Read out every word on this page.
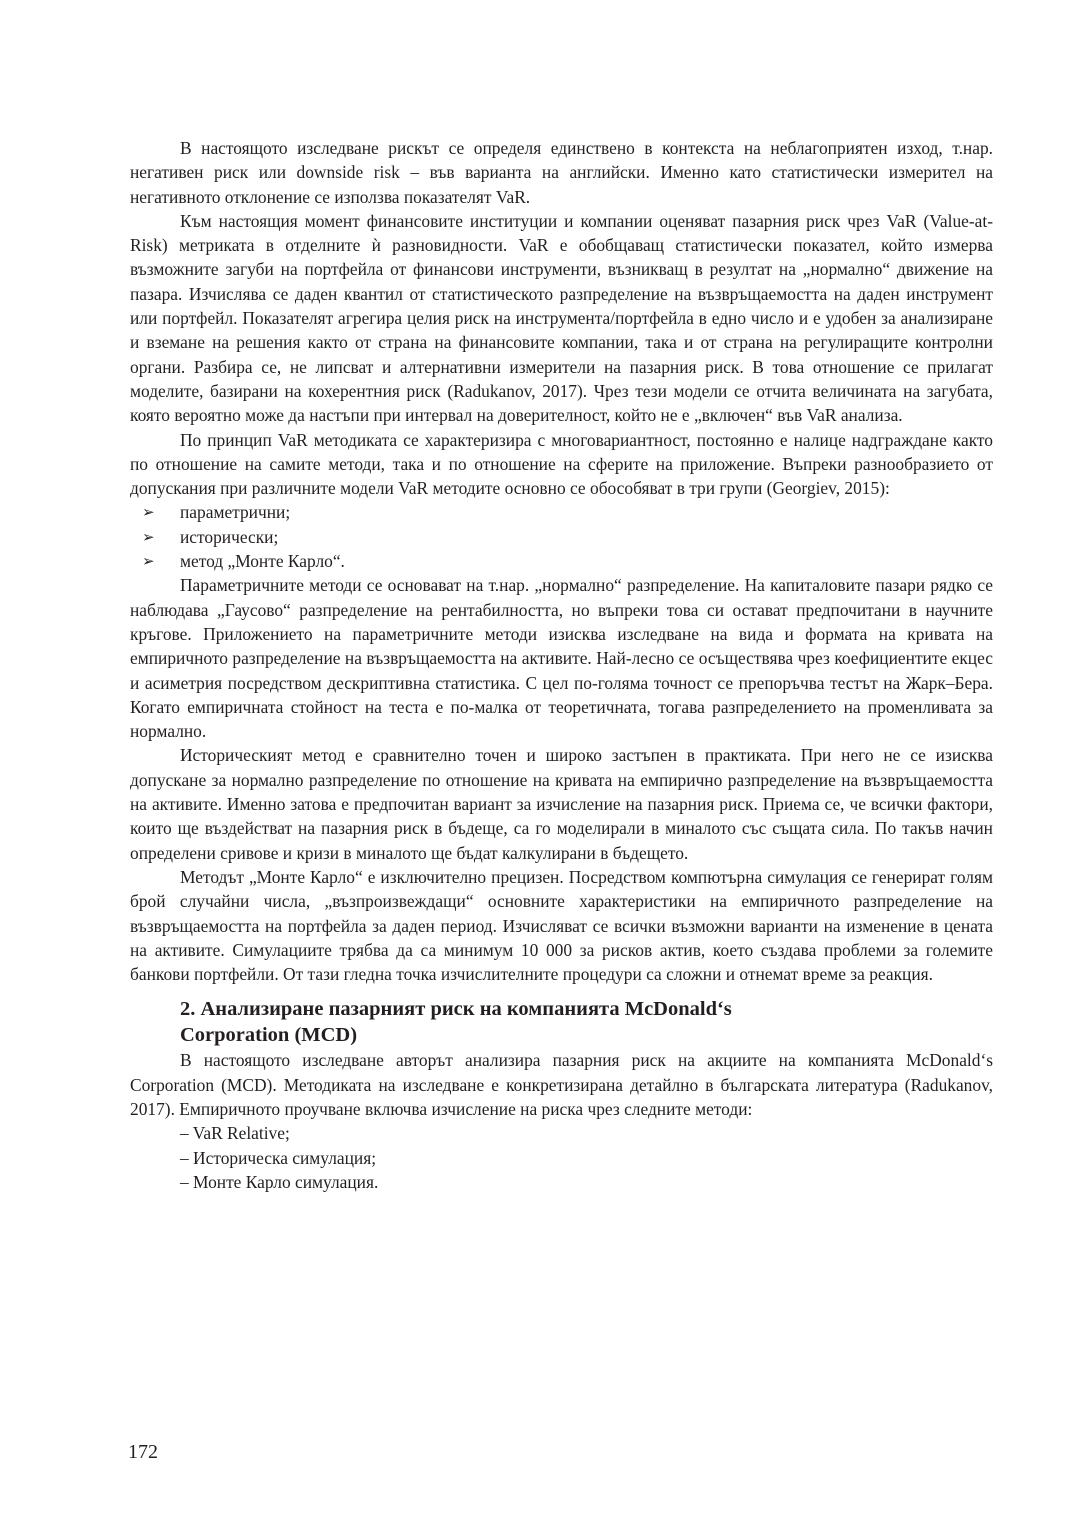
В настоящото изследване рискът се определя единствено в контекста на неблагоприятен изход, т.нар. негативен риск или downside risk – във варианта на английски. Именно като статистически измерител на негативното отклонение се използва показателят VaR.

Към настоящия момент финансовите институции и компании оценяват пазарния риск чрез VaR (Value-at-Risk) метриката в отделните ѝ разновидности. VaR е обобщаващ статистически показател, който измерва възможните загуби на портфейла от финансови инструменти, възникващ в резултат на „нормално“ движение на пазара. Изчислява се даден квантил от статистическото разпределение на възвръщаемостта на даден инструмент или портфейл. Показателят агрегира целия риск на инструмента/портфейла в едно число и е удобен за анализиране и вземане на решения както от страна на финансовите компании, така и от страна на регулиращите контролни органи. Разбира се, не липсват и алтернативни измерители на пазарния риск. В това отношение се прилагат моделите, базирани на кохерентния риск (Radukanov, 2017). Чрез тези модели се отчита величината на загубата, която вероятно може да настъпи при интервал на доверителност, който не е „включен“ във VaR анализа.

По принцип VaR методиката се характеризира с многовариантност, постоянно е налице надграждане както по отношение на самите методи, така и по отношение на сферите на приложение. Въпреки разнообразието от допускания при различните модели VaR методите основно се обособяват в три групи (Georgiev, 2015):

➢ параметрични;
➢ исторически;
➢ метод „Монте Карло“.

Параметричните методи се основават на т.нар. „нормално“ разпределение. На капиталовите пазари рядко се наблюдава „Гаусово“ разпределение на рентабилността, но въпреки това си остават предпочитани в научните кръгове. Приложението на параметричните методи изисква изследване на вида и формата на кривата на емпиричното разпределение на възвръщаемостта на активите. Най-лесно се осъществява чрез коефициентите екцес и асиметрия посредством дескриптивна статистика. С цел по-голяма точност се препоръчва тестът на Жарк–Бера. Когато емпиричната стойност на теста е по-малка от теоретичната, тогава разпределението на променливата за нормално.

Историческият метод е сравнително точен и широко застъпен в практиката. При него не се изисква допускане за нормално разпределение по отношение на кривата на емпирично разпределение на възвръщаемостта на активите. Именно затова е предпочитан вариант за изчисление на пазарния риск. Приема се, че всички фактори, които ще въздействат на пазарния риск в бъдеще, са го моделирали в миналото със същата сила. По такъв начин определени сривове и кризи в миналото ще бъдат калкулирани в бъдещето.

Методът „Монте Карло“ е изключително прецизен. Посредством компютърна симулация се генерират голям брой случайни числа, „възпроизвеждащи“ основните характеристики на емпиричното разпределение на възвръщаемостта на портфейла за даден период. Изчисляват се всички възможни варианти на изменение в цената на активите. Симулациите трябва да са минимум 10 000 за рисков актив, което създава проблеми за големите банкови портфейли. От тази гледна точка изчислителните процедури са сложни и отнемат време за реакция.

2. Анализиране пазарният риск на компанията McDonald‘s
Corporation (MCD)

В настоящото изследване авторът анализира пазарния риск на акциите на компанията McDonald‘s Corporation (MCD). Методиката на изследване е конкретизирана детайлно в българската литература (Radukanov, 2017). Емпиричното проучване включва изчисление на риска чрез следните методи:

– VaR Relative;
– Историческа симулация;
– Монте Карло симулация.
172
